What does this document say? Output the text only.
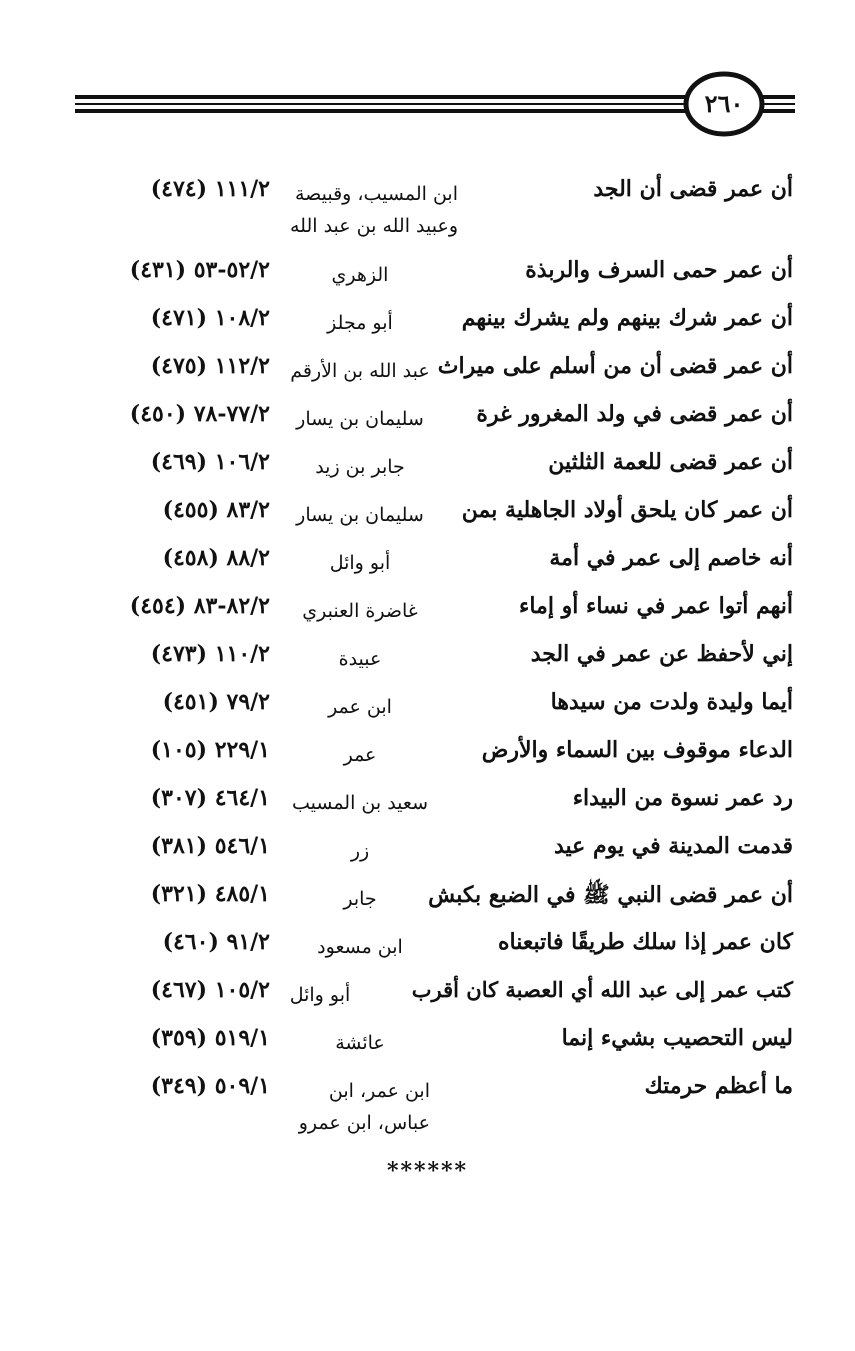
٢٦٠
أن عمر قضى أن الجد
ابن المسيب، وقبيصة وعبيد الله بن عبد الله
١١١/٢ (٤٧٤)
أن عمر حمى السرف والربذة
الزهري
٥٢/٢-٥٣ (٤٣١)
أن عمر شرك بينهم ولم يشرك بينهم
أبو مجلز
١٠٨/٢ (٤٧١)
أن عمر قضى أن من أسلم على ميراث
عبد الله بن الأرقم
١١٢/٢ (٤٧٥)
أن عمر قضى في ولد المغرور غرة
سليمان بن يسار
٧٧/٢-٧٨ (٤٥٠)
أن عمر قضى للعمة الثلثين
جابر بن زيد
١٠٦/٢ (٤٦٩)
أن عمر كان يلحق أولاد الجاهلية بمن
سليمان بن يسار
٨٣/٢ (٤٥٥)
أنه خاصم إلى عمر في أمة
أبو وائل
٨٨/٢ (٤٥٨)
أنهم أتوا عمر في نساء أو إماء
غاضرة العنبري
٨٢/٢-٨٣ (٤٥٤)
إني لأحفظ عن عمر في الجد
عبيدة
١١٠/٢ (٤٧٣)
أيما وليدة ولدت من سيدها
ابن عمر
٧٩/٢ (٤٥١)
الدعاء موقوف بين السماء والأرض
عمر
٢٢٩/١ (١٠٥)
رد عمر نسوة من البيداء
سعيد بن المسيب
٤٦٤/١ (٣٠٧)
قدمت المدينة في يوم عيد
زر
٥٤٦/١ (٣٨١)
أن عمر قضى النبي ﷺ في الضبع بكبش
جابر
٤٨٥/١ (٣٢١)
كان عمر إذا سلك طريقًا فاتبعناه
ابن مسعود
٩١/٢ (٤٦٠)
كتب عمر إلى عبد الله أي العصبة كان أقرب
أبو وائل
١٠٥/٢ (٤٦٧)
ليس التحصيب بشيء إنما
عائشة
٥١٩/١ (٣٥٩)
ما أعظم حرمتك
ابن عمر، ابن عباس، ابن عمرو
٥٠٩/١ (٣٤٩)
******
